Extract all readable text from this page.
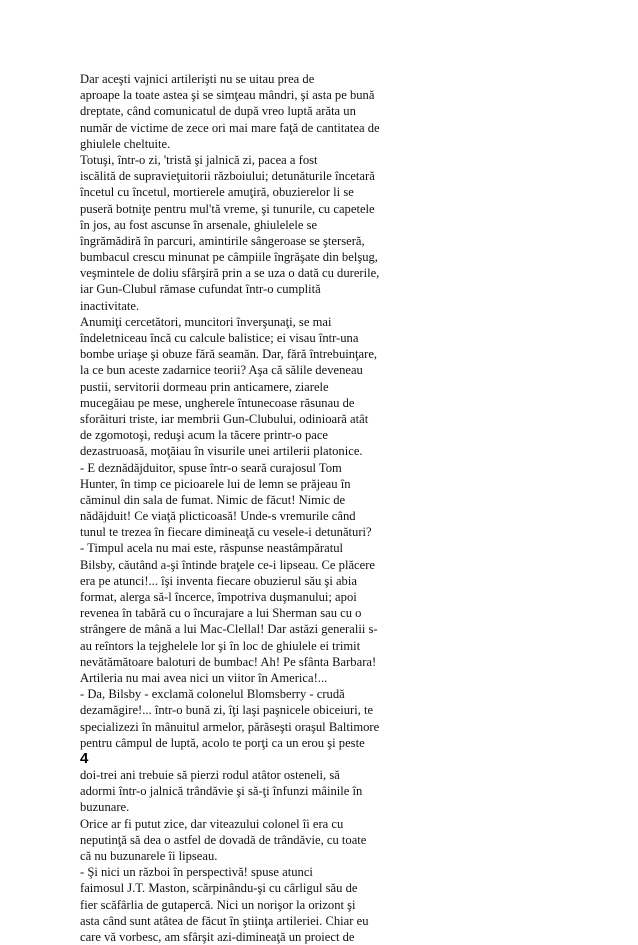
Dar aceşti vajnici artilerişti nu se uitau prea de
aproape la toate astea şi se simţeau mândri, şi asta pe bună
dreptate, când comunicatul de după vreo luptă arăta un
număr de victime de zece ori mai mare faţă de cantitatea de
ghiulele cheltuite.
Totuşi, într-o zi, 'tristă şi jalnică zi, pacea a fost
iscălită de supravieţuitorii războiului; detunăturile încetară
încetul cu încetul, mortierele amuţiră, obuzierelor li se
puseră botniţe pentru mul'tă vreme, şi tunurile, cu capetele
în jos, au fost ascunse în arsenale, ghiulelele se
îngrămădiră în parcuri, amintirile sângeroase se şterseră,
bumbacul crescu minunat pe câmpiile îngrăşate din belşug,
veşmintele de doliu sfârşiră prin a se uza o dată cu durerile,
iar Gun-Clubul rămase cufundat într-o cumplită
inactivitate.
Anumiţi cercetători, muncitori înverşunaţi, se mai
îndeletniceau încă cu calcule balistice; ei visau într-una
bombe uriaşe şi obuze fără seamăn. Dar, fără întrebuinţare,
la ce bun aceste zadarnice teorii? Aşa că sălile deveneau
pustii, servitorii dormeau prin anticamere, ziarele
mucegăiau pe mese, ungherele întunecoase răsunau de
sforăituri triste, iar membrii Gun-Clubului, odinioară atât
de zgomotoşi, reduşi acum la tăcere printr-o pace
dezastruoasă, moţăiau în visurile unei artilerii platonice.
- E deznădăjduitor, spuse într-o seară curajosul Tom
Hunter, în timp ce picioarele lui de lemn se prăjeau în
căminul din sala de fumat. Nimic de făcut! Nimic de
nădăjduit! Ce viaţă plicticoasă! Unde-s vremurile când
tunul te trezea în fiecare dimineaţă cu vesele-i detunături?
- Timpul acela nu mai este, răspunse neastâmpăratul
Bilsby, căutând a-şi întinde braţele ce-i lipseau. Ce plăcere
era pe atunci!... îşi inventa fiecare obuzierul său şi abia
format, alerga să-l încerce, împotriva duşmanului; apoi
revenea în tabără cu o încurajare a lui Sherman sau cu o
strângere de mână a lui Mac-Clellal! Dar astăzi generalii s-
au reîntors la tejghelele lor şi în loc de ghiulele ei trimit
nevătămătoare baloturi de bumbac! Ah! Pe sfânta Barbara!
Artileria nu mai avea nici un viitor în America!...
- Da, Bilsby - exclamă colonelul Blomsberry - crudă
dezamăgire!... într-o bună zi, îţi laşi paşnicele obiceiuri, te
specializezi în mânuitul armelor, părăseşti oraşul Baltimore
pentru câmpul de luptă, acolo te porţi ca un erou şi peste
4
doi-trei ani trebuie să pierzi rodul atâtor osteneli, să
adormi într-o jalnică trândăvie şi să-ţi înfunzi mâinile în
buzunare.
Orice ar fi putut zice, dar viteazului colonel îi era cu
neputinţă să dea o astfel de dovadă de trândăvie, cu toate
că nu buzunarele îi lipseau.
- Şi nici un război în perspectivă! spuse atunci
faimosul J.T. Maston, scărpinându-şi cu cârligul său de
fier scăfârlia de gutapercă. Nici un norişor la orizont şi
asta când sunt atâtea de făcut în ştiinţa artileriei. Chiar eu
care vă vorbesc, am sfârşit azi-dimineaţă un proiect de
